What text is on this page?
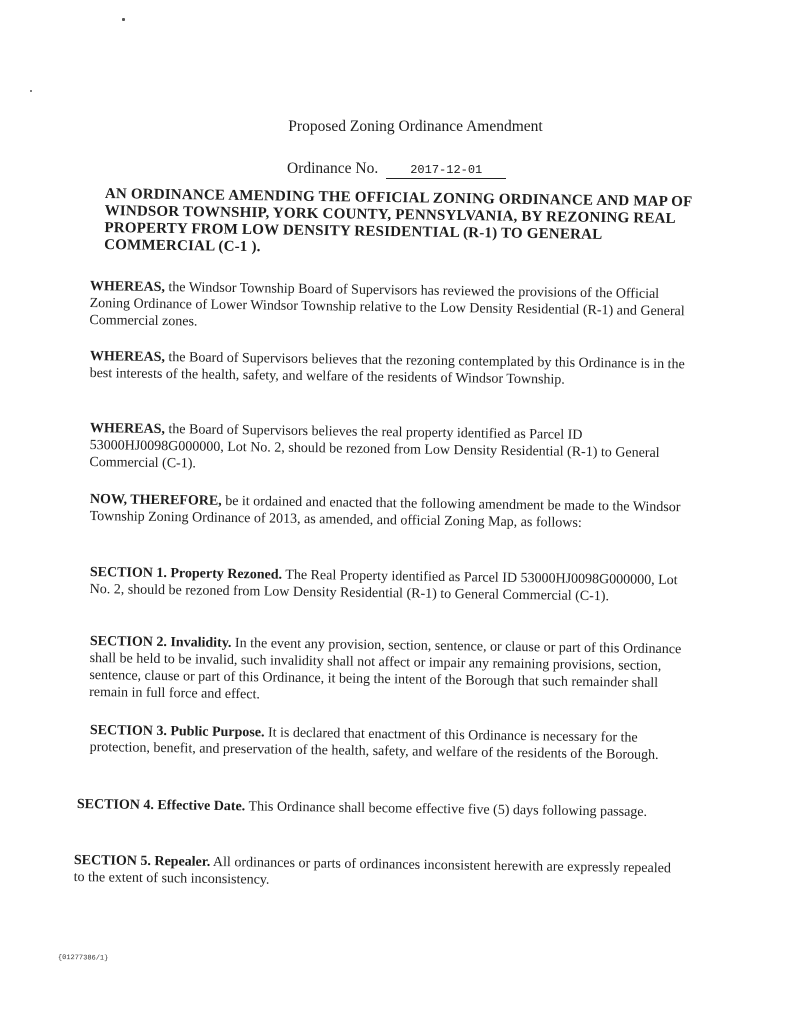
Proposed Zoning Ordinance Amendment
Ordinance No.	2017-12-01
AN ORDINANCE AMENDING THE OFFICIAL ZONING ORDINANCE AND MAP OF WINDSOR TOWNSHIP, YORK COUNTY, PENNSYLVANIA, BY REZONING REAL PROPERTY FROM LOW DENSITY RESIDENTIAL (R-1) TO GENERAL COMMERCIAL (C-1 ).
WHEREAS, the Windsor Township Board of Supervisors has reviewed the provisions of the Official Zoning Ordinance of Lower Windsor Township relative to the Low Density Residential (R-1) and General Commercial zones.
WHEREAS, the Board of Supervisors believes that the rezoning contemplated by this Ordinance is in the best interests of the health, safety, and welfare of the residents of Windsor Township.
WHEREAS, the Board of Supervisors believes the real property identified as Parcel ID 53000HJ0098G000000, Lot No. 2, should be rezoned from Low Density Residential (R-1) to General Commercial (C-1).
NOW, THEREFORE, be it ordained and enacted that the following amendment be made to the Windsor Township Zoning Ordinance of 2013, as amended, and official Zoning Map, as follows:
SECTION 1. Property Rezoned. The Real Property identified as Parcel ID 53000HJ0098G000000, Lot No. 2, should be rezoned from Low Density Residential (R-1) to General Commercial (C-1).
SECTION 2. Invalidity. In the event any provision, section, sentence, or clause or part of this Ordinance shall be held to be invalid, such invalidity shall not affect or impair any remaining provisions, section, sentence, clause or part of this Ordinance, it being the intent of the Borough that such remainder shall remain in full force and effect.
SECTION 3. Public Purpose. It is declared that enactment of this Ordinance is necessary for the protection, benefit, and preservation of the health, safety, and welfare of the residents of the Borough.
SECTION 4. Effective Date. This Ordinance shall become effective five (5) days following passage.
SECTION 5. Repealer. All ordinances or parts of ordinances inconsistent herewith are expressly repealed to the extent of such inconsistency.
{01277386/1}
